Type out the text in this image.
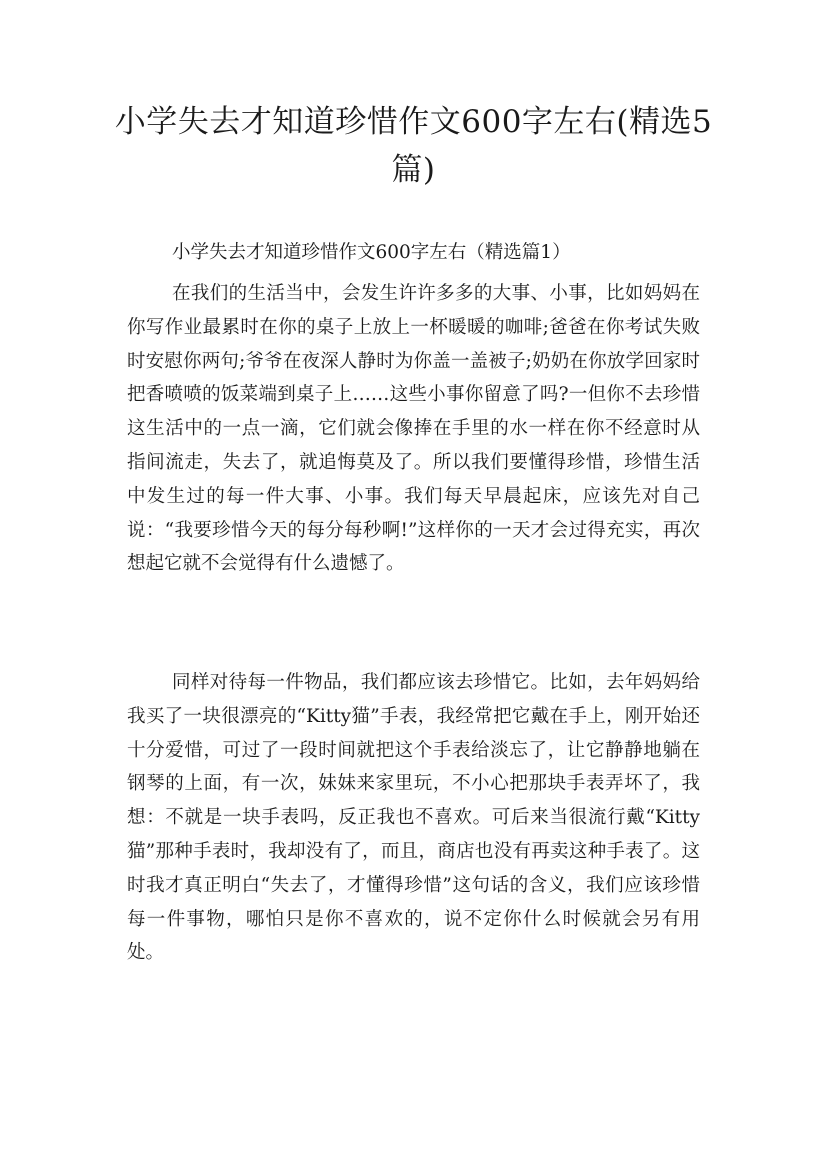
小学失去才知道珍惜作文600字左右(精选5篇)

小学失去才知道珍惜作文600字左右（精选篇1）

在我们的生活当中，会发生许许多多的大事、小事，比如妈妈在你写作业最累时在你的桌子上放上一杯暖暖的咖啡;爸爸在你考试失败时安慰你两句;爷爷在夜深人静时为你盖一盖被子;奶奶在你放学回家时把香喷喷的饭菜端到桌子上……这些小事你留意了吗?一但你不去珍惜这生活中的一点一滴，它们就会像捧在手里的水一样在你不经意时从指间流走，失去了，就追悔莫及了。所以我们要懂得珍惜，珍惜生活中发生过的每一件大事、小事。我们每天早晨起床，应该先对自己说：“我要珍惜今天的每分每秒啊!”这样你的一天才会过得充实，再次想起它就不会觉得有什么遗憾了。

同样对待每一件物品，我们都应该去珍惜它。比如，去年妈妈给我买了一块很漂亮的“Kitty猫”手表，我经常把它戴在手上，刚开始还十分爱惜，可过了一段时间就把这个手表给淡忘了，让它静静地躺在钢琴的上面，有一次，妹妹来家里玩，不小心把那块手表弄坏了，我想：不就是一块手表吗，反正我也不喜欢。可后来当很流行戴“Kitty猫”那种手表时，我却没有了，而且，商店也没有再卖这种手表了。这时我才真正明白“失去了，才懂得珍惜”这句话的含义，我们应该珍惜每一件事物，哪怕只是你不喜欢的，说不定你什么时候就会另有用处。
